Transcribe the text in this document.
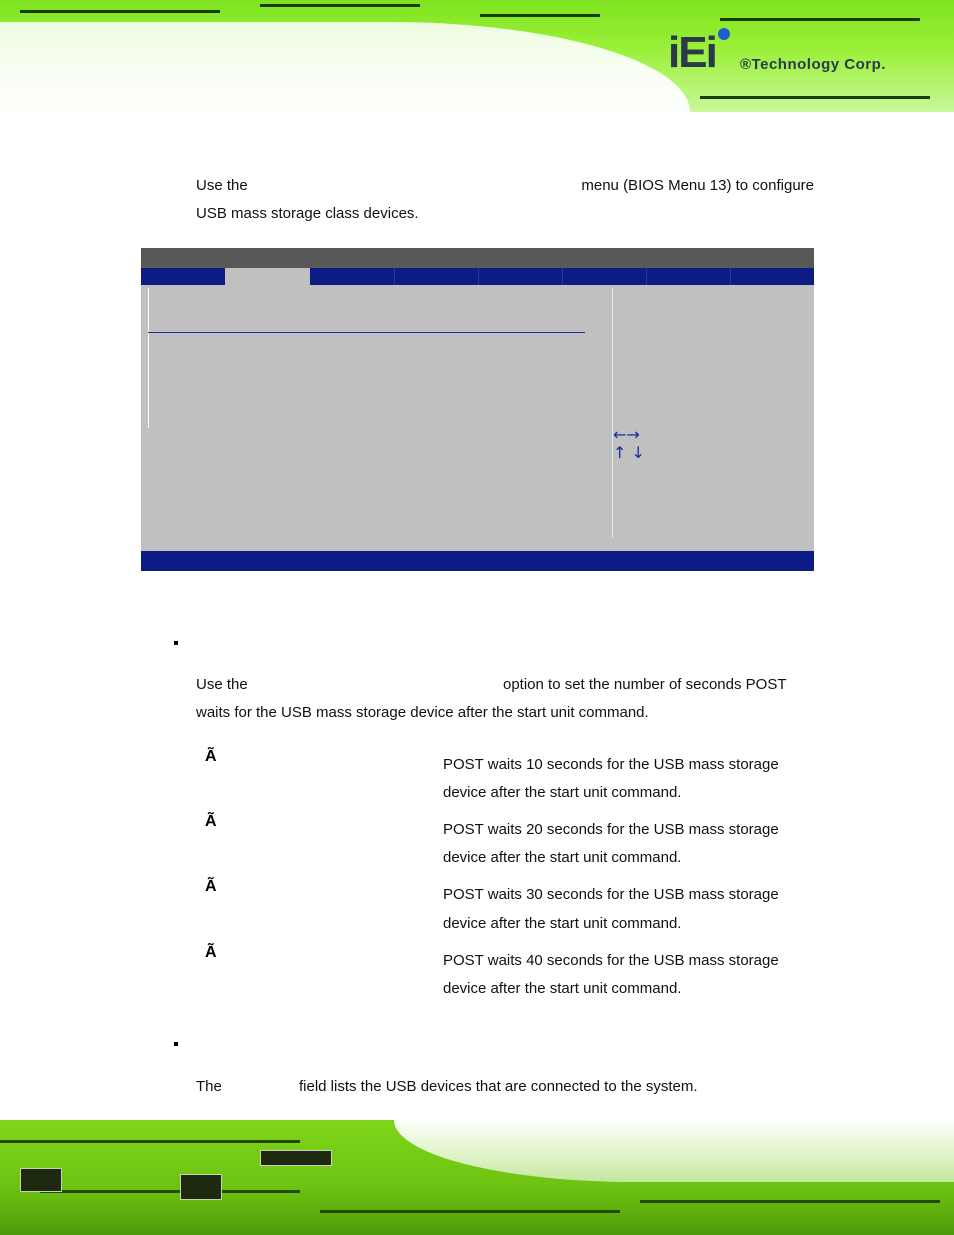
iEi	®Technology Corp.
Use the	menu (BIOS Menu 13) to configure
USB mass storage class devices.
←→
↑ ↓
Use the	option to set the number of seconds POST
waits for the USB mass storage device after the start unit command.
Ã	POST waits 10 seconds for the USB mass storage
device after the start unit command.
Ã	POST waits 20 seconds for the USB mass storage
device after the start unit command.
Ã	POST waits 30 seconds for the USB mass storage
device after the start unit command.
Ã	POST waits 40 seconds for the USB mass storage
device after the start unit command.
The	field lists the USB devices that are connected to the system.
